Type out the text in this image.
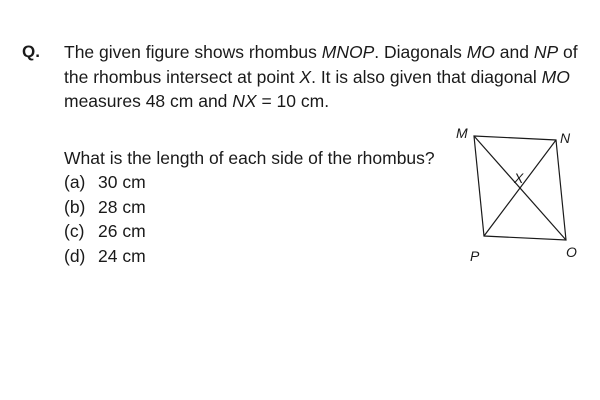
Q. The given figure shows rhombus MNOP. Diagonals MO and NP of the rhombus intersect at point X. It is also given that diagonal MO measures 48 cm and NX = 10 cm.

What is the length of each side of the rhombus?
(a) 30 cm
(b) 28 cm
(c) 26 cm
(d) 24 cm
M	N
O
P
X
